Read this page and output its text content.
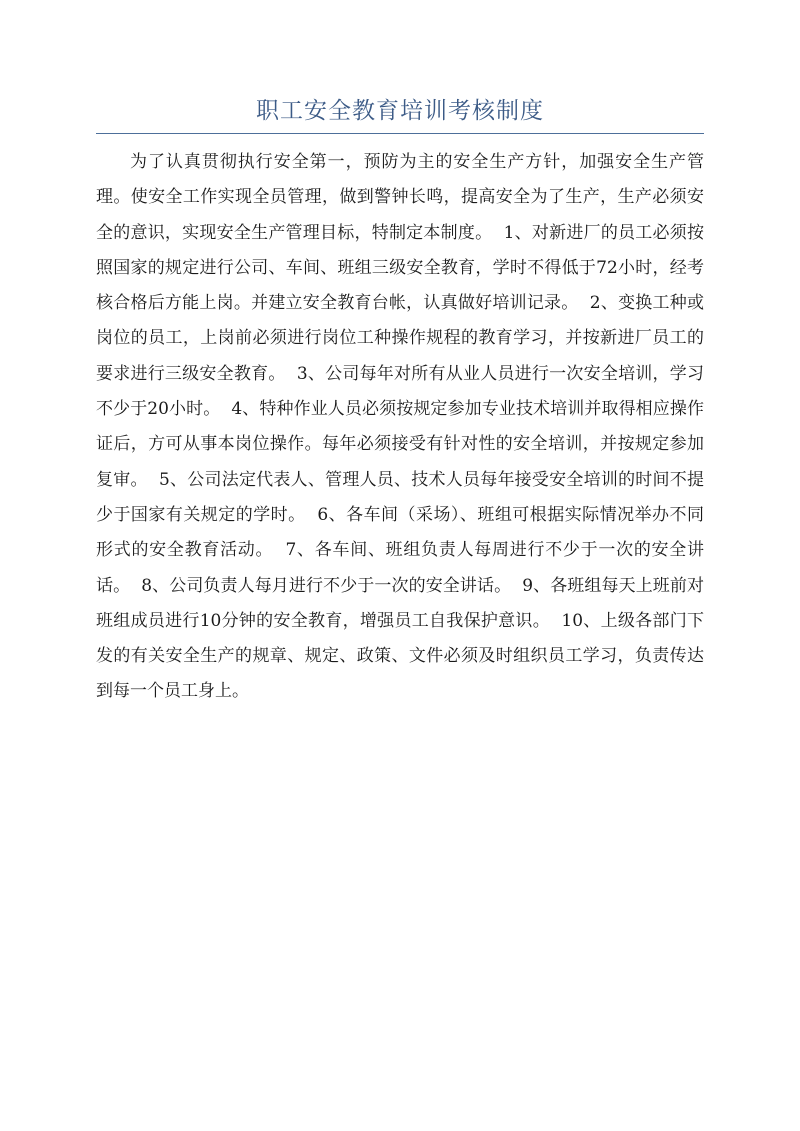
职工安全教育培训考核制度

为了认真贯彻执行安全第一，预防为主的安全生产方针，加强安全生产管理。使安全工作实现全员管理，做到警钟长鸣，提高安全为了生产，生产必须安全的意识，实现安全生产管理目标，特制定本制度。  1、对新进厂的员工必须按照国家的规定进行公司、车间、班组三级安全教育，学时不得低于72小时，经考核合格后方能上岗。并建立安全教育台帐，认真做好培训记录。  2、变换工种或岗位的员工，上岗前必须进行岗位工种操作规程的教育学习，并按新进厂员工的要求进行三级安全教育。  3、公司每年对所有从业人员进行一次安全培训，学习不少于20小时。  4、特种作业人员必须按规定参加专业技术培训并取得相应操作证后，方可从事本岗位操作。每年必须接受有针对性的安全培训，并按规定参加复审。  5、公司法定代表人、管理人员、技术人员每年接受安全培训的时间不提少于国家有关规定的学时。  6、各车间（采场）、班组可根据实际情况举办不同形式的安全教育活动。  7、各车间、班组负责人每周进行不少于一次的安全讲话。  8、公司负责人每月进行不少于一次的安全讲话。  9、各班组每天上班前对班组成员进行10分钟的安全教育，增强员工自我保护意识。  10、上级各部门下发的有关安全生产的规章、规定、政策、文件必须及时组织员工学习，负责传达到每一个员工身上。
